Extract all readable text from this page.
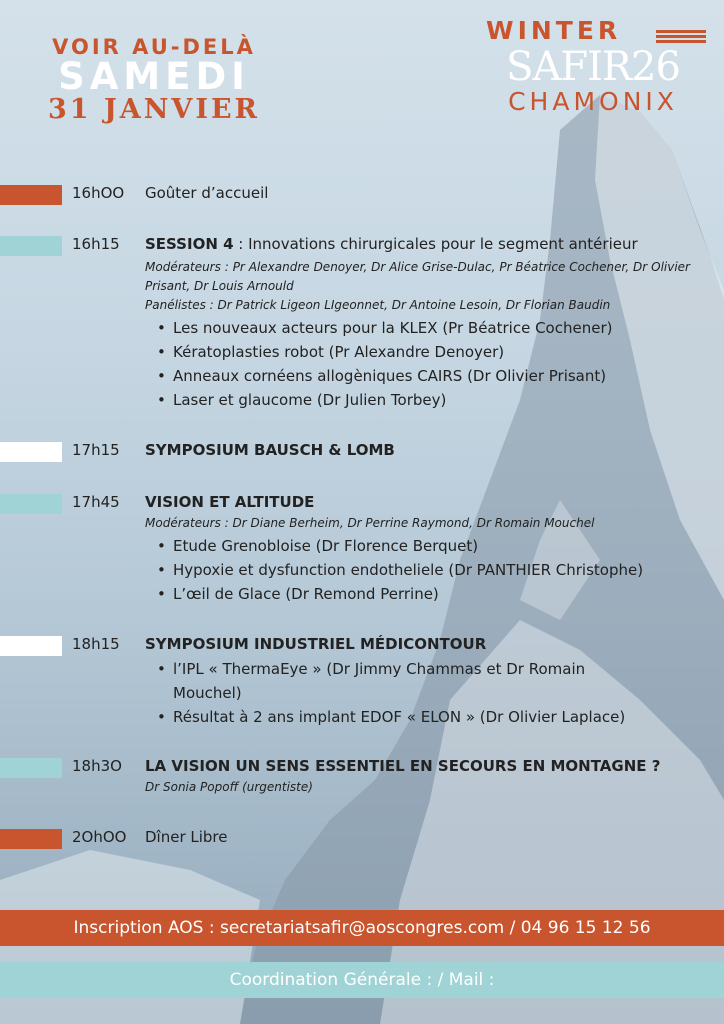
VOIR AU-DELÀ
SAMEDI
31 JANVIER
WINTER
SAFIR26
CHAMONIX
16hOO Goûter d’accueil
16h15 SESSION 4 : Innovations chirurgicales pour le segment antérieur
Modérateurs : Pr Alexandre Denoyer, Dr Alice Grise-Dulac, Pr Béatrice Cochener, Dr Olivier Prisant, Dr Louis Arnould
Panélistes : Dr Patrick Ligeon LIgeonnet, Dr Antoine Lesoin, Dr Florian Baudin
• Les nouveaux acteurs pour la KLEX (Pr Béatrice Cochener)
• Kératoplasties robot (Pr Alexandre Denoyer)
• Anneaux cornéens allogèniques CAIRS (Dr Olivier Prisant)
• Laser et glaucome (Dr Julien Torbey)
17h15 SYMPOSIUM BAUSCH & LOMB
17h45 VISION ET ALTITUDE
Modérateurs : Dr Diane Berheim, Dr Perrine Raymond, Dr Romain Mouchel
• Etude Grenobloise (Dr Florence Berquet)
• Hypoxie et dysfunction endotheliele (Dr PANTHIER Christophe)
• L’œil de Glace (Dr Remond Perrine)
18h15 SYMPOSIUM INDUSTRIEL MÉDICONTOUR
• l’IPL « ThermaEye » (Dr Jimmy Chammas et Dr Romain Mouchel)
• Résultat à 2 ans implant EDOF « ELON » (Dr Olivier Laplace)
18h3O LA VISION UN SENS ESSENTIEL EN SECOURS EN MONTAGNE ?
Dr Sonia Popoff (urgentiste)
2OhOO Dîner Libre
Inscription AOS : secretariatsafir@aoscongres.com / 04 96 15 12 56
Coordination Générale : / Mail :
